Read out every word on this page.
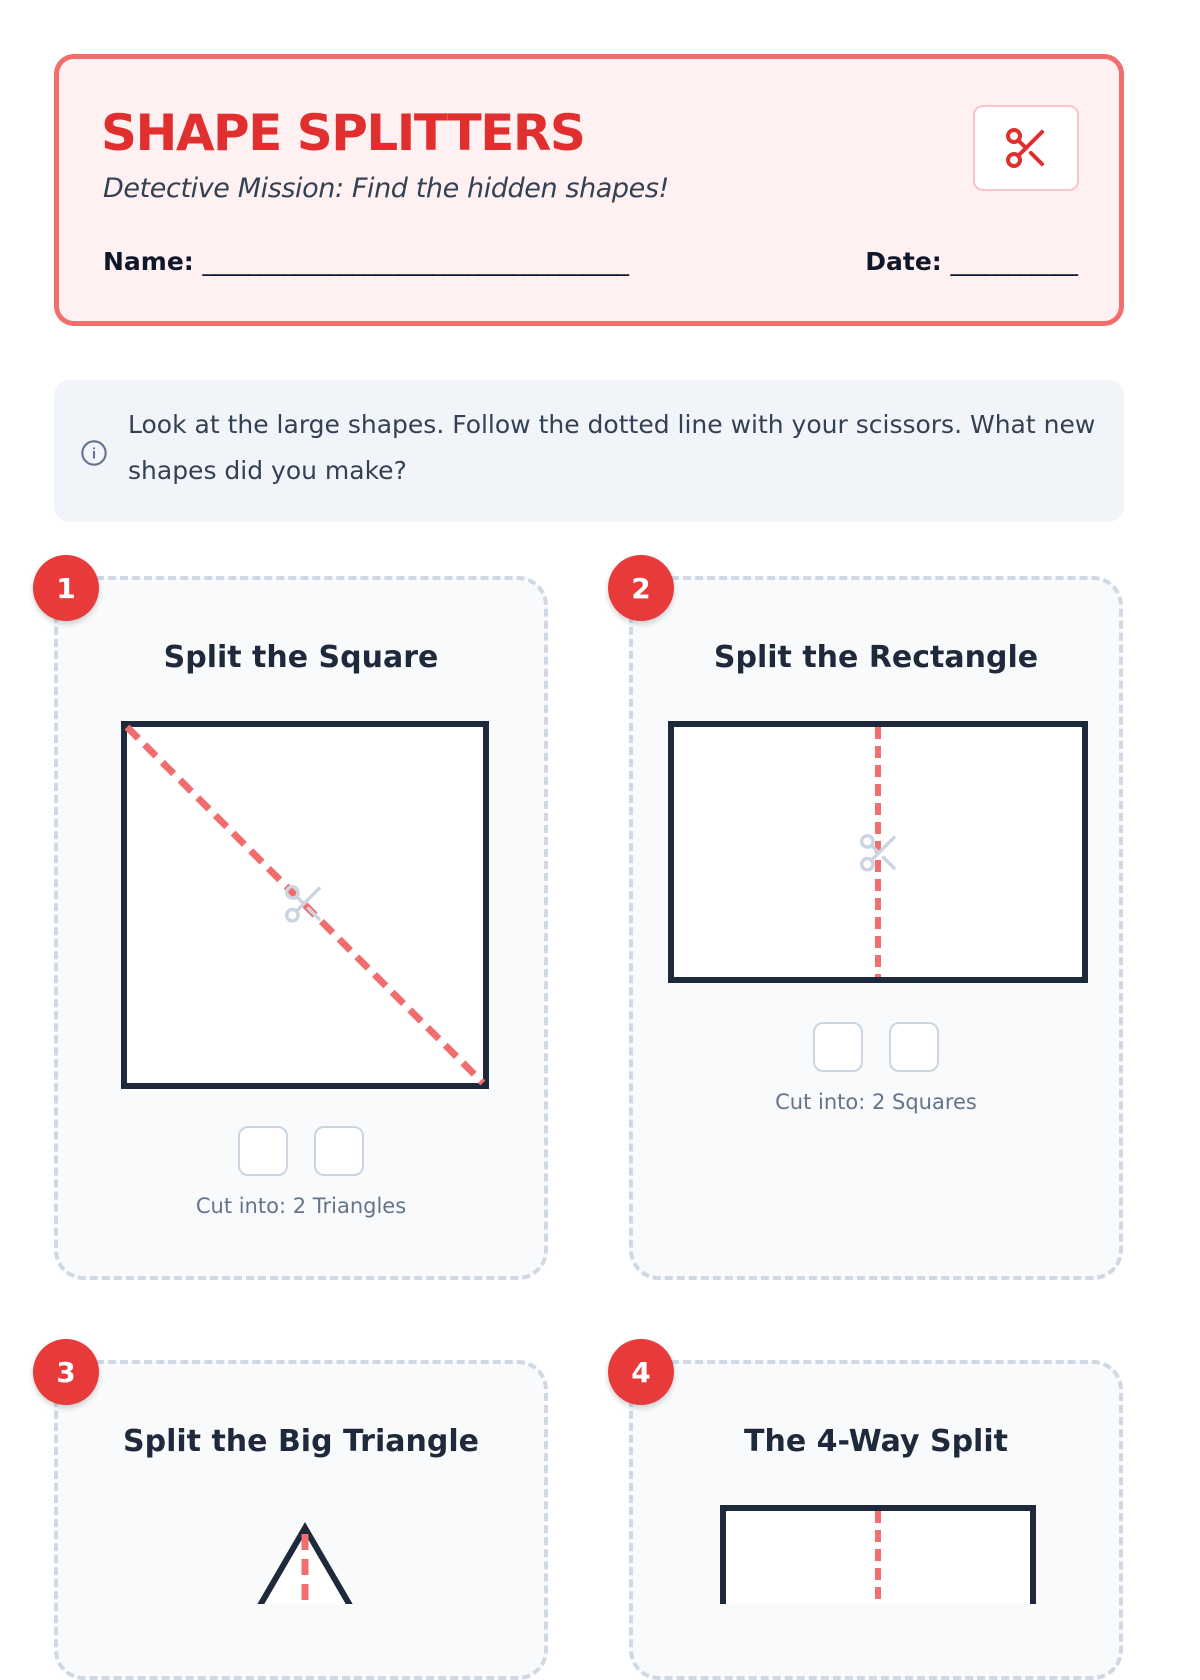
SHAPE SPLITTERS
Detective Mission: Find the hidden shapes!
Name: _____________________________________	Date: ___________
Look at the large shapes. Follow the dotted line with your scissors. What new shapes did you make?
Split the Square
Cut into: 2 Triangles
Split the Rectangle
Cut into: 2 Squares
Split the Big Triangle	The 4-Way Split
1	2
3	4
